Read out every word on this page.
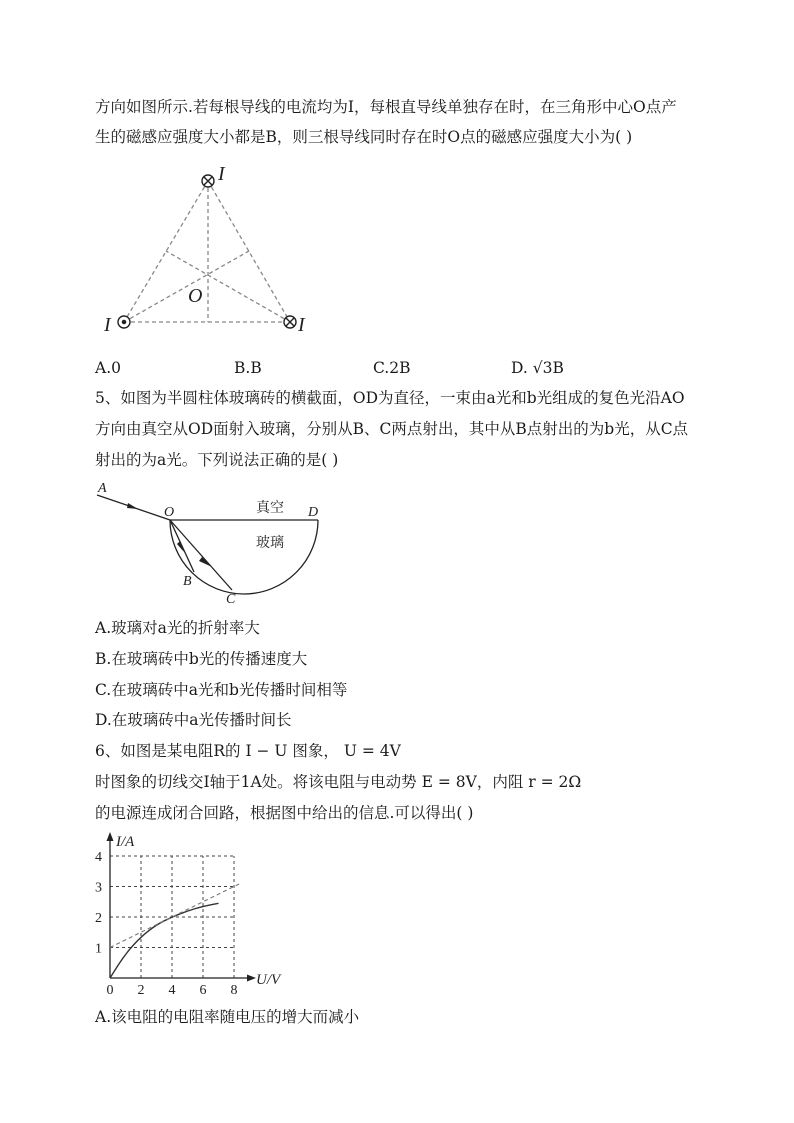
方向如图所示.若每根导线的电流均为I，每根直导线单独存在时，在三角形中心O点产
生的磁感应强度大小都是B，则三根导线同时存在时O点的磁感应强度大小为( )
I
I	I
O
A.0	B.B	C.2B	D. √3B
5、如图为半圆柱体玻璃砖的横截面，OD为直径，一束由a光和b光组成的复色光沿AO
方向由真空从OD面射入玻璃，分别从B、C两点射出，其中从B点射出的为b光，从C点
射出的为a光。下列说法正确的是( )
A
O	D
B
C
真空
玻璃
A.玻璃对a光的折射率大
B.在玻璃砖中b光的传播速度大
C.在玻璃砖中a光和b光传播时间相等
D.在玻璃砖中a光传播时间长
6、如图是某电阻R的 I − U 图象， U = 4V
时图象的切线交I轴于1A处。将该电阻与电动势 E = 8V，内阻 r = 2Ω
的电源连成闭合回路，根据图中给出的信息.可以得出( )
0 2 4 6 8
1
2
3
4
U/V
I/A
A.该电阻的电阻率随电压的增大而减小
